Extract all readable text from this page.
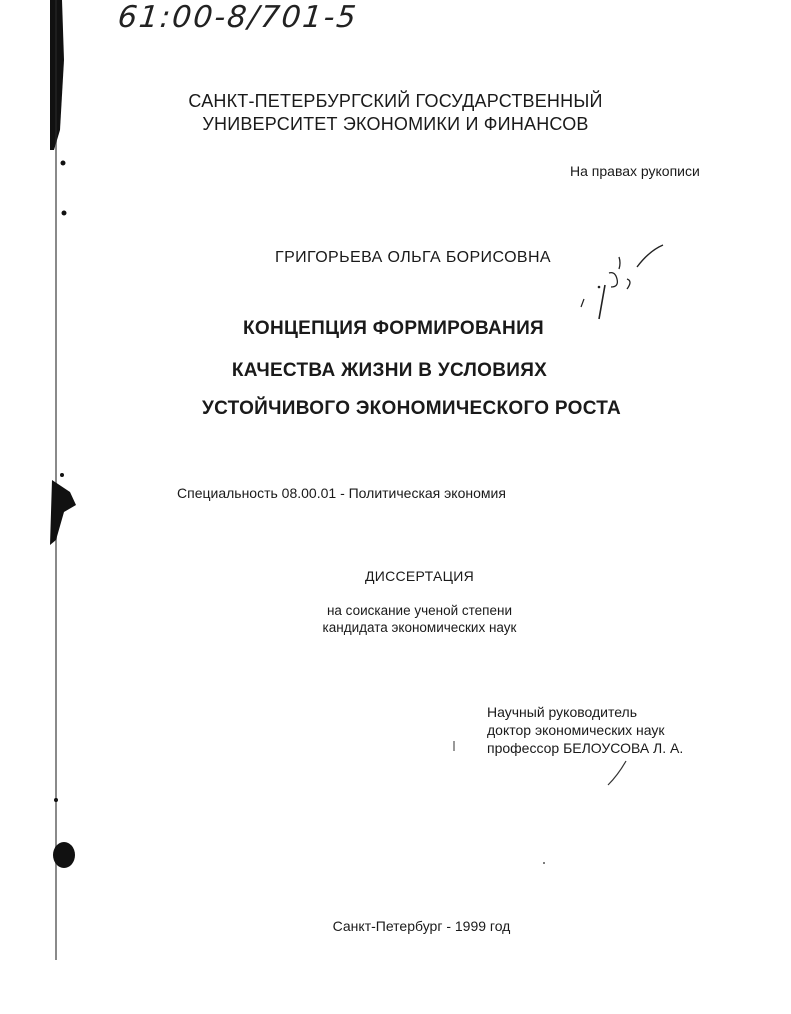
61:00-8/701-5
САНКТ-ПЕТЕРБУРГСКИЙ ГОСУДАРСТВЕННЫЙ
УНИВЕРСИТЕТ ЭКОНОМИКИ И ФИНАНСОВ
На правах рукописи
ГРИГОРЬЕВА ОЛЬГА БОРИСОВНА
КОНЦЕПЦИЯ ФОРМИРОВАНИЯ
КАЧЕСТВА ЖИЗНИ В УСЛОВИЯХ
УСТОЙЧИВОГО ЭКОНОМИЧЕСКОГО РОСТА
Специальность 08.00.01 - Политическая экономия
ДИССЕРТАЦИЯ
на соискание ученой степени
кандидата экономических наук
Научный руководитель
доктор экономических наук
профессор БЕЛОУСОВА Л. А.
Санкт-Петербург - 1999 год
